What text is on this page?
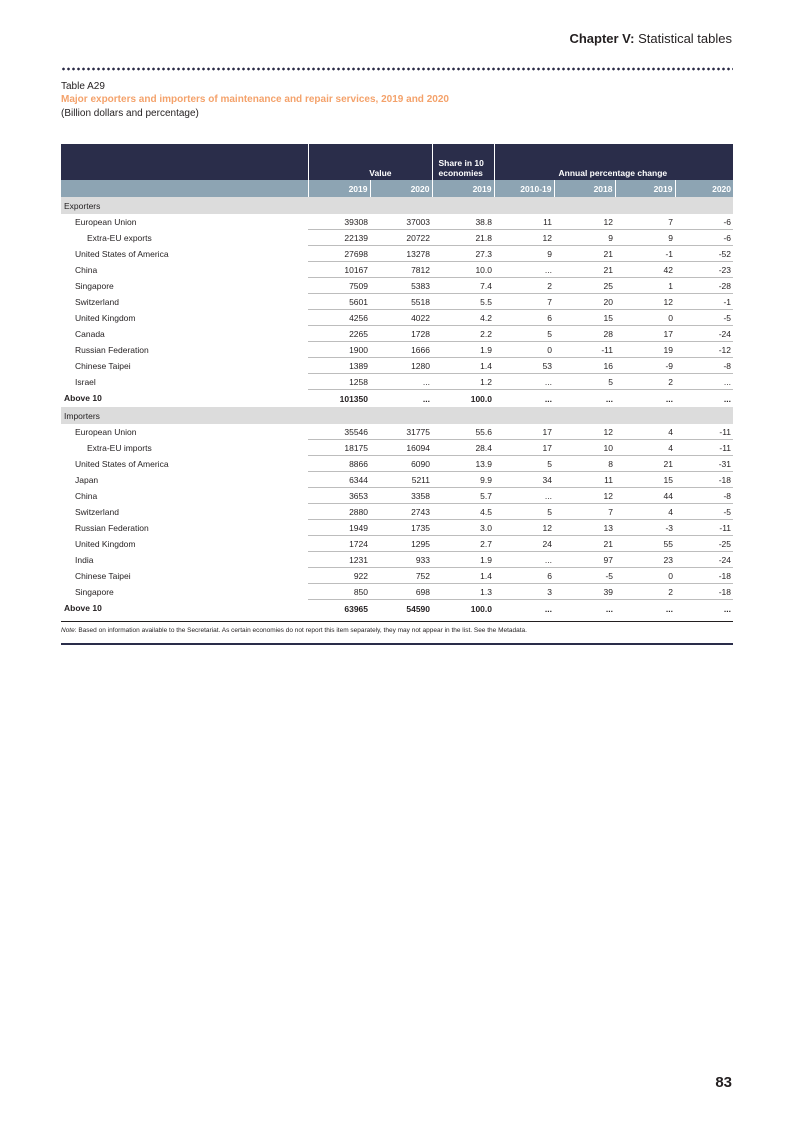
Chapter V: Statistical tables
Table A29
Major exporters and importers of maintenance and repair services, 2019 and 2020
(Billion dollars and percentage)
	Value		Share in 10 economies	Annual percentage change			
	2019	2020	2019	2010-19	2018	2019	2020
Exporters							
European Union	39308	37003	38.8	11	12	7	-6
Extra-EU exports	22139	20722	21.8	12	9	9	-6
United States of America	27698	13278	27.3	9	21	-1	-52
China	10167	7812	10.0	...	21	42	-23
Singapore	7509	5383	7.4	2	25	1	-28
Switzerland	5601	5518	5.5	7	20	12	-1
United Kingdom	4256	4022	4.2	6	15	0	-5
Canada	2265	1728	2.2	5	28	17	-24
Russian Federation	1900	1666	1.9	0	-11	19	-12
Chinese Taipei	1389	1280	1.4	53	16	-9	-8
Israel	1258	...	1.2	...	5	2	...
Above 10	101350	...	100.0	...	...	...	...
Importers							
European Union	35546	31775	55.6	17	12	4	-11
Extra-EU imports	18175	16094	28.4	17	10	4	-11
United States of America	8866	6090	13.9	5	8	21	-31
Japan	6344	5211	9.9	34	11	15	-18
China	3653	3358	5.7	...	12	44	-8
Switzerland	2880	2743	4.5	5	7	4	-5
Russian Federation	1949	1735	3.0	12	13	-3	-11
United Kingdom	1724	1295	2.7	24	21	55	-25
India	1231	933	1.9	...	97	23	-24
Chinese Taipei	922	752	1.4	6	-5	0	-18
Singapore	850	698	1.3	3	39	2	-18
Above 10	63965	54590	100.0	...	...	...	...
Note: Based on information available to the Secretariat. As certain economies do not report this item separately, they may not appear in the list. See the Metadata.
83
